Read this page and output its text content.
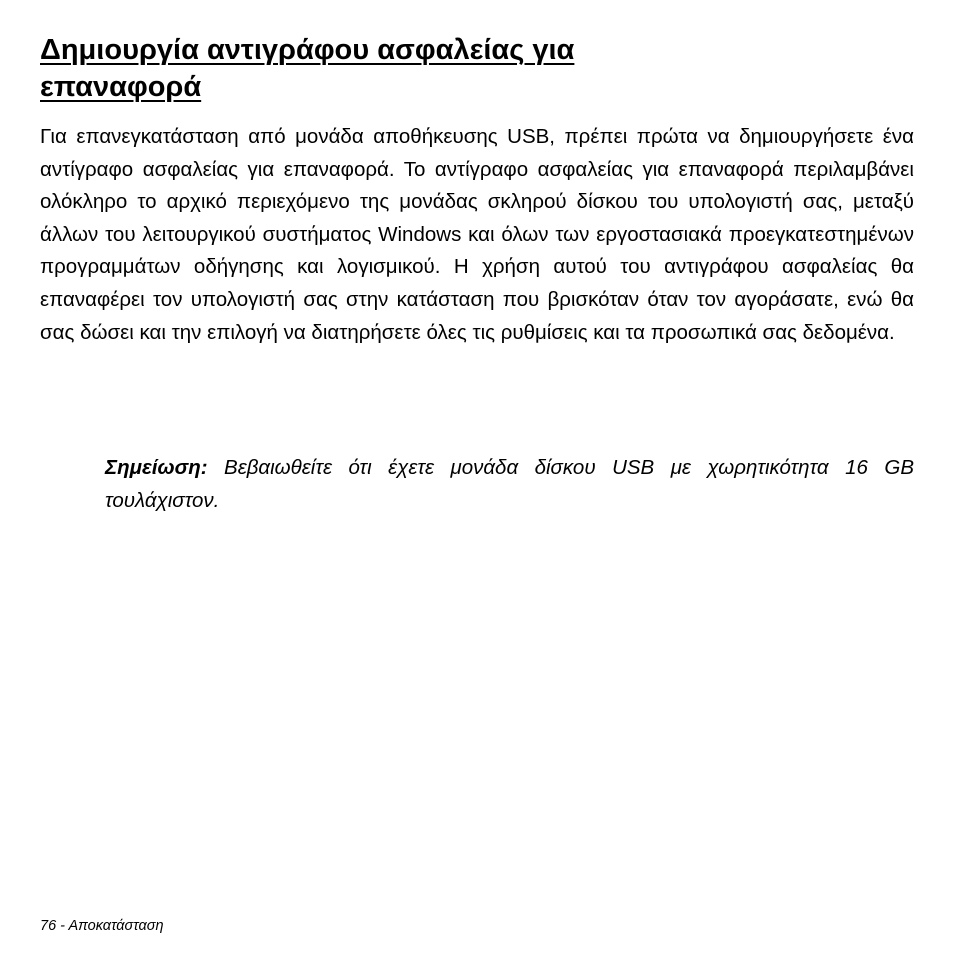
Δημιουργία αντιγράφου ασφαλείας για
επαναφορά

Για επανεγκατάσταση από μονάδα αποθήκευσης USB, πρέπει πρώτα να δημιουργήσετε ένα αντίγραφο ασφαλείας για επαναφορά. Το αντίγραφο ασφαλείας για επαναφορά περιλαμβάνει ολόκληρο το αρχικό περιεχόμενο της μονάδας σκληρού δίσκου του υπολογιστή σας, μεταξύ άλλων του λειτουργικού συστήματος Windows και όλων των εργοστασιακά προεγκατεστημένων προγραμμάτων οδήγησης και λογισμικού. Η χρήση αυτού του αντιγράφου ασφαλείας θα επαναφέρει τον υπολογιστή σας στην κατάσταση που βρισκόταν όταν τον αγοράσατε, ενώ θα σας δώσει και την επιλογή να διατηρήσετε όλες τις ρυθμίσεις και τα προσωπικά σας δεδομένα.

Σημείωση: Βεβαιωθείτε ότι έχετε μονάδα δίσκου USB με χωρητικότητα 16 GB τουλάχιστον.

76 - Αποκατάσταση
